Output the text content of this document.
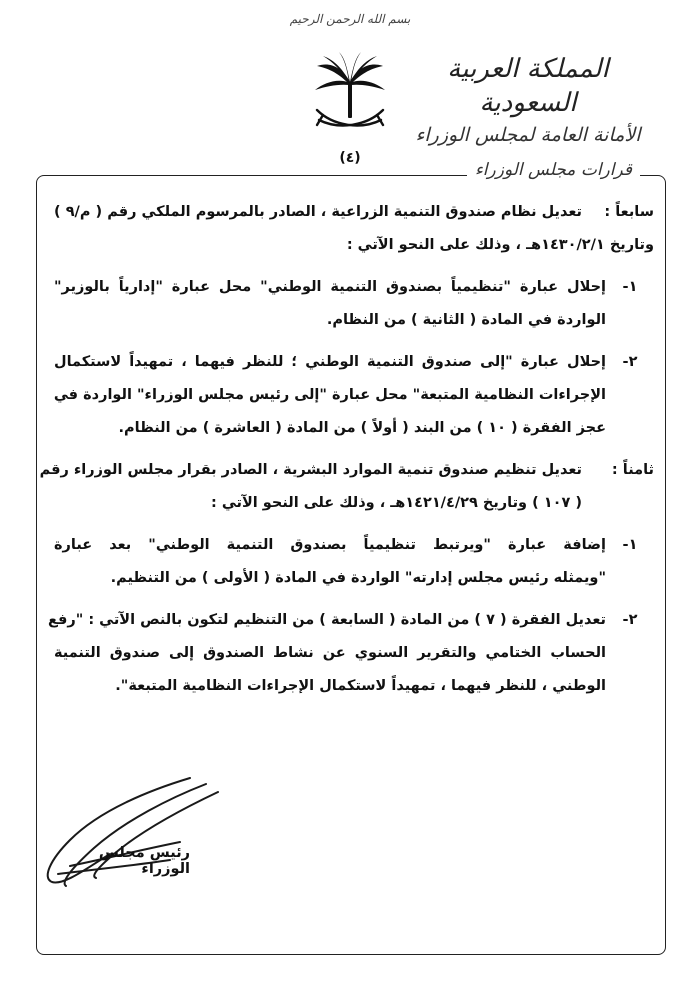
بسم الله الرحمن الرحيم
المملكة العربية السعودية
الأمانة العامة لمجلس الوزراء
(٤)
قرارات مجلس الوزراء
سابعاً :
تعديل نظام صندوق التنمية الزراعية ، الصادر بالمرسوم الملكي رقم ( م/٩ )
وتاريخ ١٤٣٠/٢/١هـ ، وذلك على النحو الآتي :
١-
إحلال عبارة "تنظيمياً بصندوق التنمية الوطني" محل عبارة "إدارياً بالوزير"
الواردة في المادة ( الثانية ) من النظام.
٢-
إحلال عبارة "إلى صندوق التنمية الوطني ؛ للنظر فيهما ، تمهيداً لاستكمال
الإجراءات النظامية المتبعة" محل عبارة "إلى رئيس مجلس الوزراء" الواردة في
عجز الفقرة ( ١٠ ) من البند ( أولاً ) من المادة ( العاشرة ) من النظام.
ثامناً :
تعديل تنظيم صندوق تنمية الموارد البشرية ، الصادر بقرار مجلس الوزراء رقم
( ١٠٧ ) وتاريخ ١٤٢١/٤/٢٩هـ ، وذلك على النحو الآتي :
١-
إضافة عبارة "ويرتبط تنظيمياً بصندوق التنمية الوطني" بعد عبارة
"ويمثله رئيس مجلس إدارته" الواردة في المادة ( الأولى ) من التنظيم.
٢-
تعديل الفقرة ( ٧ ) من المادة ( السابعة ) من التنظيم لتكون بالنص الآتي : "رفع
الحساب الختامي والتقرير السنوي عن نشاط الصندوق إلى صندوق التنمية
الوطني ، للنظر فيهما ، تمهيداً لاستكمال الإجراءات النظامية المتبعة".
رئيس مجلس الوزراء
